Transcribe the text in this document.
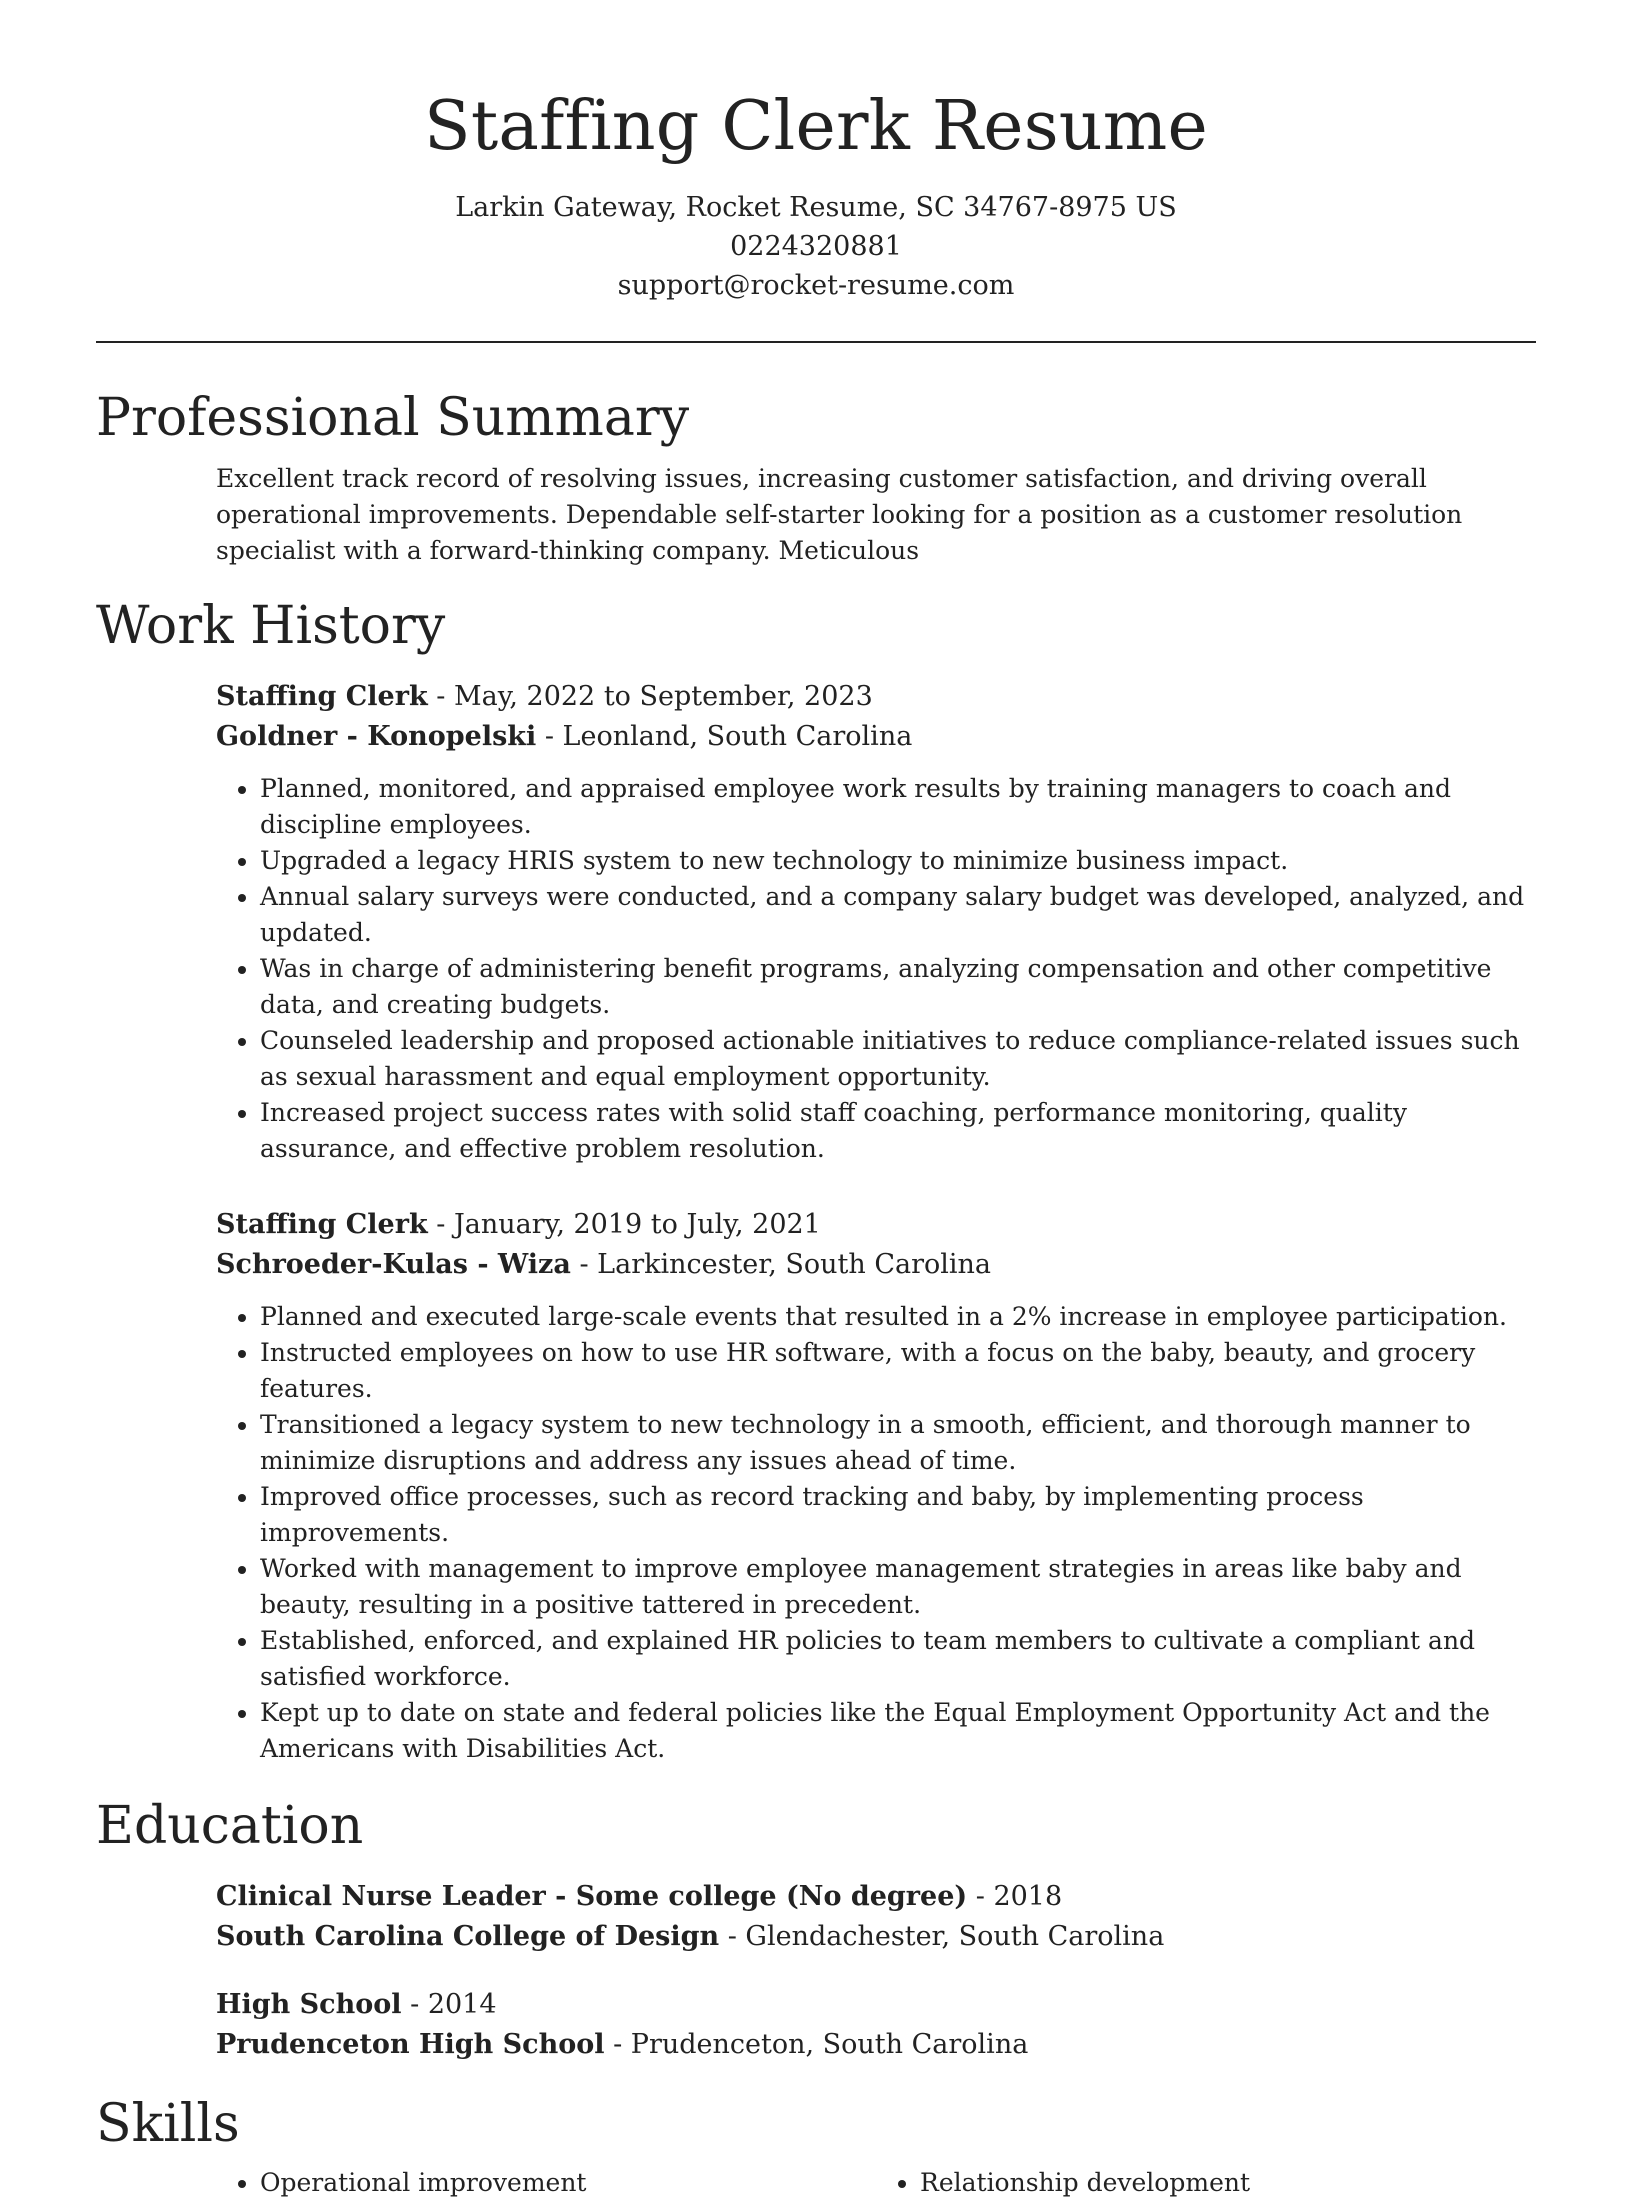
Staffing Clerk Resume
Larkin Gateway, Rocket Resume, SC 34767-8975 US
0224320881
support@rocket-resume.com
Professional Summary
Excellent track record of resolving issues, increasing customer satisfaction, and driving overall operational improvements. Dependable self-starter looking for a position as a customer resolution specialist with a forward-thinking company. Meticulous
Work History
Staffing Clerk - May, 2022 to September, 2023
Goldner - Konopelski - Leonland, South Carolina
• Planned, monitored, and appraised employee work results by training managers to coach and discipline employees.
• Upgraded a legacy HRIS system to new technology to minimize business impact.
• Annual salary surveys were conducted, and a company salary budget was developed, analyzed, and updated.
• Was in charge of administering benefit programs, analyzing compensation and other competitive data, and creating budgets.
• Counseled leadership and proposed actionable initiatives to reduce compliance-related issues such as sexual harassment and equal employment opportunity.
• Increased project success rates with solid staff coaching, performance monitoring, quality assurance, and effective problem resolution.
Staffing Clerk - January, 2019 to July, 2021
Schroeder-Kulas - Wiza - Larkincester, South Carolina
• Planned and executed large-scale events that resulted in a 2% increase in employee participation.
• Instructed employees on how to use HR software, with a focus on the baby, beauty, and grocery features.
• Transitioned a legacy system to new technology in a smooth, efficient, and thorough manner to minimize disruptions and address any issues ahead of time.
• Improved office processes, such as record tracking and baby, by implementing process improvements.
• Worked with management to improve employee management strategies in areas like baby and beauty, resulting in a positive tattered in precedent.
• Established, enforced, and explained HR policies to team members to cultivate a compliant and satisfied workforce.
• Kept up to date on state and federal policies like the Equal Employment Opportunity Act and the Americans with Disabilities Act.
Education
Clinical Nurse Leader - Some college (No degree) - 2018
South Carolina College of Design - Glendachester, South Carolina
High School - 2014
Prudenceton High School - Prudenceton, South Carolina
Skills
• Operational improvement
•	Relationship development
